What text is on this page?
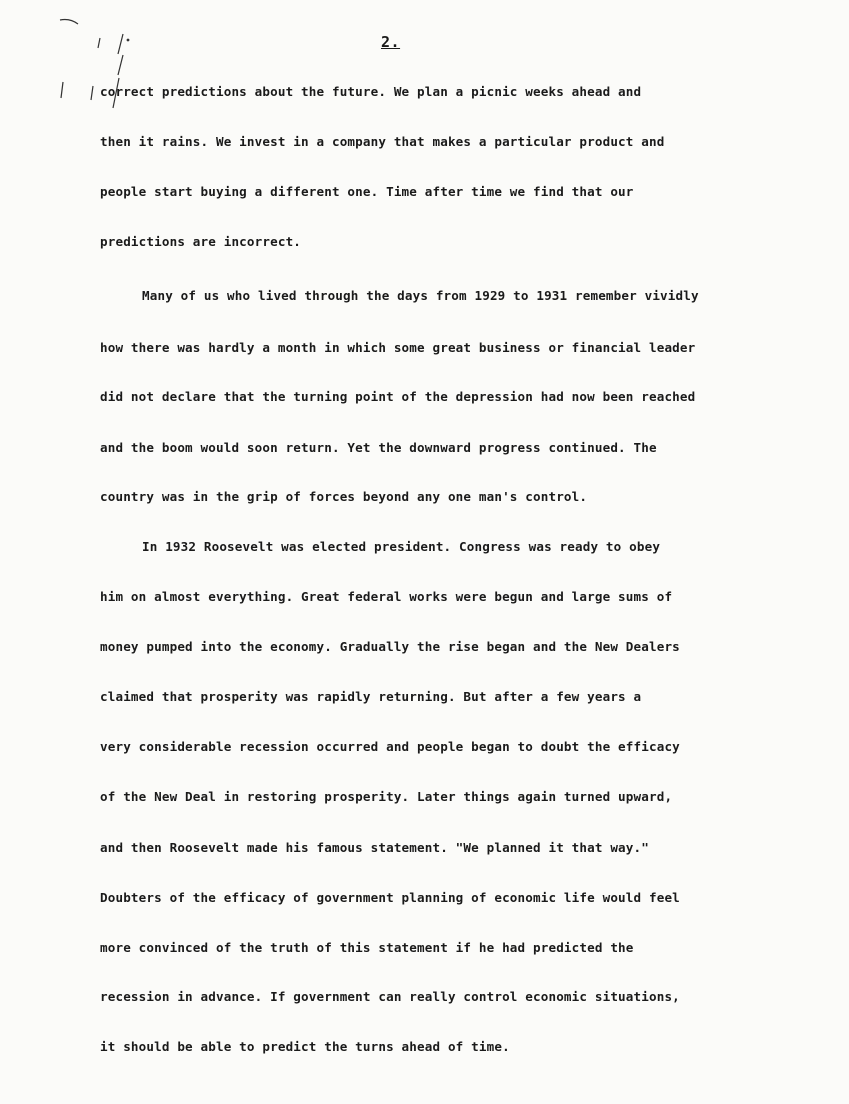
2.
correct predictions about the future. We plan a picnic weeks ahead and
then it rains. We invest in a company that makes a particular product and
people start buying a different one. Time after time we find that our
predictions are incorrect.
Many of us who lived through the days from 1929 to 1931 remember vividly
how there was hardly a month in which some great business or financial leader
did not declare that the turning point of the depression had now been reached
and the boom would soon return. Yet the downward progress continued. The
country was in the grip of forces beyond any one man's control.
In 1932 Roosevelt was elected president. Congress was ready to obey
him on almost everything. Great federal works were begun and large sums of
money pumped into the economy. Gradually the rise began and the New Dealers
claimed that prosperity was rapidly returning. But after a few years a
very considerable recession occurred and people began to doubt the efficacy
of the New Deal in restoring prosperity. Later things again turned upward,
and then Roosevelt made his famous statement. "We planned it that way."
Doubters of the efficacy of government planning of economic life would feel
more convinced of the truth of this statement if he had predicted the
recession in advance. If government can really control economic situations,
it should be able to predict the turns ahead of time.
